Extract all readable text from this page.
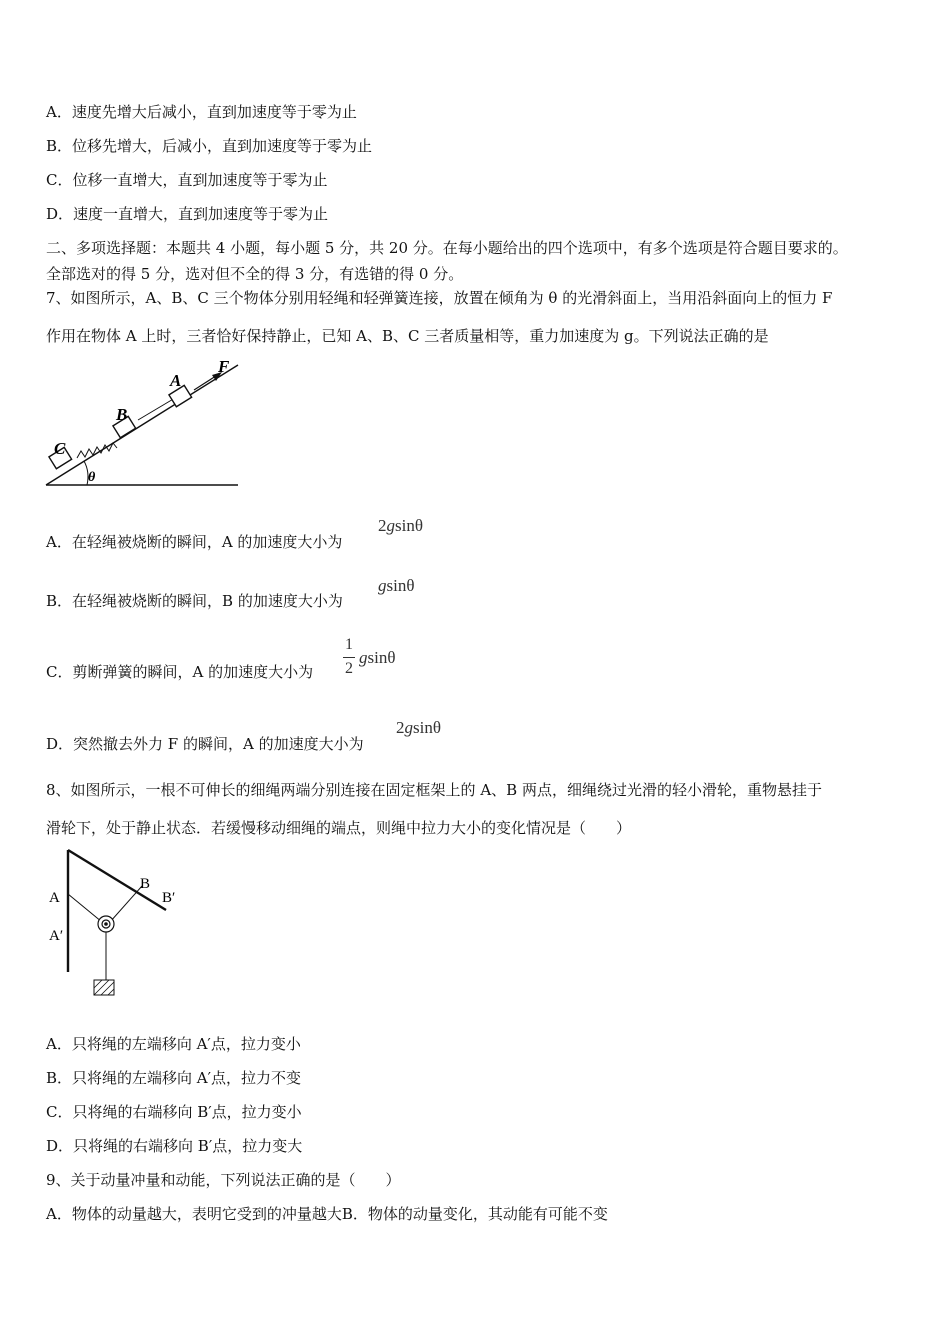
A．速度先增大后减小，直到加速度等于零为止
B．位移先增大，后减小，直到加速度等于零为止
C．位移一直增大，直到加速度等于零为止
D．速度一直增大，直到加速度等于零为止
二、多项选择题：本题共 4 小题，每小题 5 分，共 20 分。在每小题给出的四个选项中，有多个选项是符合题目要求的。
全部选对的得 5 分，选对但不全的得 3 分，有选错的得 0 分。
7、如图所示，A、B、C 三个物体分别用轻绳和轻弹簧连接，放置在倾角为 θ 的光滑斜面上，当用沿斜面向上的恒力 F
作用在物体 A 上时，三者恰好保持静止，已知 A、B、C 三者质量相等，重力加速度为 g。下列说法正确的是
C
B
A
F
θ
A．在轻绳被烧断的瞬间，A 的加速度大小为
2gsinθ
B．在轻绳被烧断的瞬间，B 的加速度大小为
gsinθ
C．剪断弹簧的瞬间，A 的加速度大小为
1
2
gsinθ
D．突然撤去外力 F 的瞬间，A 的加速度大小为
2gsinθ
8、如图所示，一根不可伸长的细绳两端分别连接在固定框架上的 A、B 两点，细绳绕过光滑的轻小滑轮，重物悬挂于
滑轮下，处于静止状态．若缓慢移动细绳的端点，则绳中拉力大小的变化情况是（　　）
A
A′
B
B′
A．只将绳的左端移向 A′点，拉力变小
B．只将绳的左端移向 A′点，拉力不变
C．只将绳的右端移向 B′点，拉力变小
D．只将绳的右端移向 B′点，拉力变大
9、关于动量冲量和动能，下列说法正确的是（　　）
A．物体的动量越大，表明它受到的冲量越大B．物体的动量变化，其动能有可能不变
